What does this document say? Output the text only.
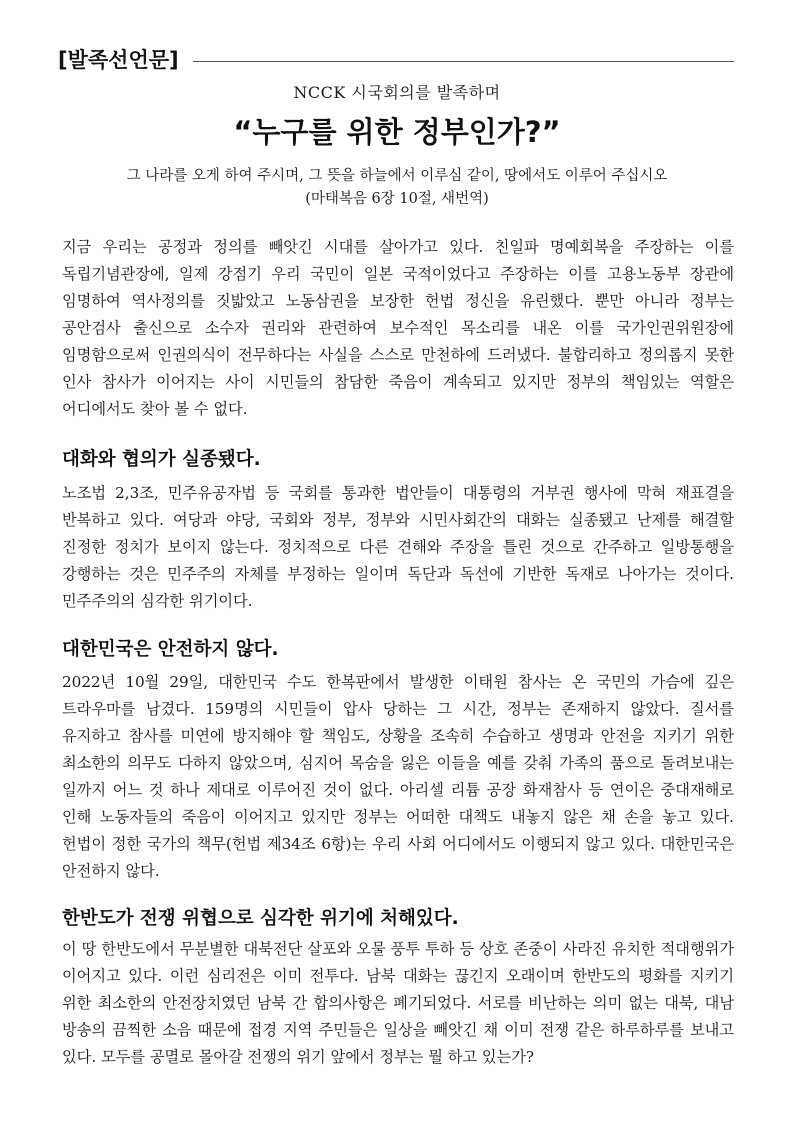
[발족선언문]
NCCK 시국회의를 발족하며
“누구를 위한 정부인가?”
그 나라를 오게 하여 주시며, 그 뜻을 하늘에서 이루심 같이, 땅에서도 이루어 주십시오
(마태복음 6장 10절, 새번역)
지금 우리는 공정과 정의를 빼앗긴 시대를 살아가고 있다. 친일파 명예회복을 주장하는 이를 독립기념관장에, 일제 강점기 우리 국민이 일본 국적이었다고 주장하는 이를 고용노동부 장관에 임명하여 역사정의를 짓밟았고 노동삼권을 보장한 헌법 정신을 유린했다. 뿐만 아니라 정부는 공안검사 출신으로 소수자 권리와 관련하여 보수적인 목소리를 내온 이를 국가인권위원장에 임명함으로써 인권의식이 전무하다는 사실을 스스로 만천하에 드러냈다. 불합리하고 정의롭지 못한 인사 참사가 이어지는 사이 시민들의 참담한 죽음이 계속되고 있지만 정부의 책임있는 역할은 어디에서도 찾아 볼 수 없다.
대화와 협의가 실종됐다.
노조법 2,3조, 민주유공자법 등 국회를 통과한 법안들이 대통령의 거부권 행사에 막혀 재표결을 반복하고 있다. 여당과 야당, 국회와 정부, 정부와 시민사회간의 대화는 실종됐고 난제를 해결할 진정한 정치가 보이지 않는다. 정치적으로 다른 견해와 주장을 틀린 것으로 간주하고 일방통행을 강행하는 것은 민주주의 자체를 부정하는 일이며 독단과 독선에 기반한 독재로 나아가는 것이다. 민주주의의 심각한 위기이다.
대한민국은 안전하지 않다.
2022년 10월 29일, 대한민국 수도 한복판에서 발생한 이태원 참사는 온 국민의 가슴에 깊은 트라우마를 남겼다. 159명의 시민들이 압사 당하는 그 시간, 정부는 존재하지 않았다. 질서를 유지하고 참사를 미연에 방지해야 할 책임도, 상황을 조속히 수습하고 생명과 안전을 지키기 위한 최소한의 의무도 다하지 않았으며, 심지어 목숨을 잃은 이들을 예를 갖춰 가족의 품으로 돌려보내는 일까지 어느 것 하나 제대로 이루어진 것이 없다. 아리셀 리튬 공장 화재참사 등 연이은 중대재해로 인해 노동자들의 죽음이 이어지고 있지만 정부는 어떠한 대책도 내놓지 않은 채 손을 놓고 있다. 헌법이 정한 국가의 책무(헌법 제34조 6항)는 우리 사회 어디에서도 이행되지 않고 있다. 대한민국은 안전하지 않다.
한반도가 전쟁 위협으로 심각한 위기에 처해있다.
이 땅 한반도에서 무분별한 대북전단 살포와 오물 풍투 투하 등 상호 존중이 사라진 유치한 적대행위가 이어지고 있다. 이런 심리전은 이미 전투다. 남북 대화는 끊긴지 오래이며 한반도의 평화를 지키기 위한 최소한의 안전장치였던 남북 간 합의사항은 폐기되었다. 서로를 비난하는 의미 없는 대북, 대남 방송의 끔찍한 소음 때문에 접경 지역 주민들은 일상을 빼앗긴 채 이미 전쟁 같은 하루하루를 보내고 있다. 모두를 공멸로 몰아갈 전쟁의 위기 앞에서 정부는 뭘 하고 있는가?
